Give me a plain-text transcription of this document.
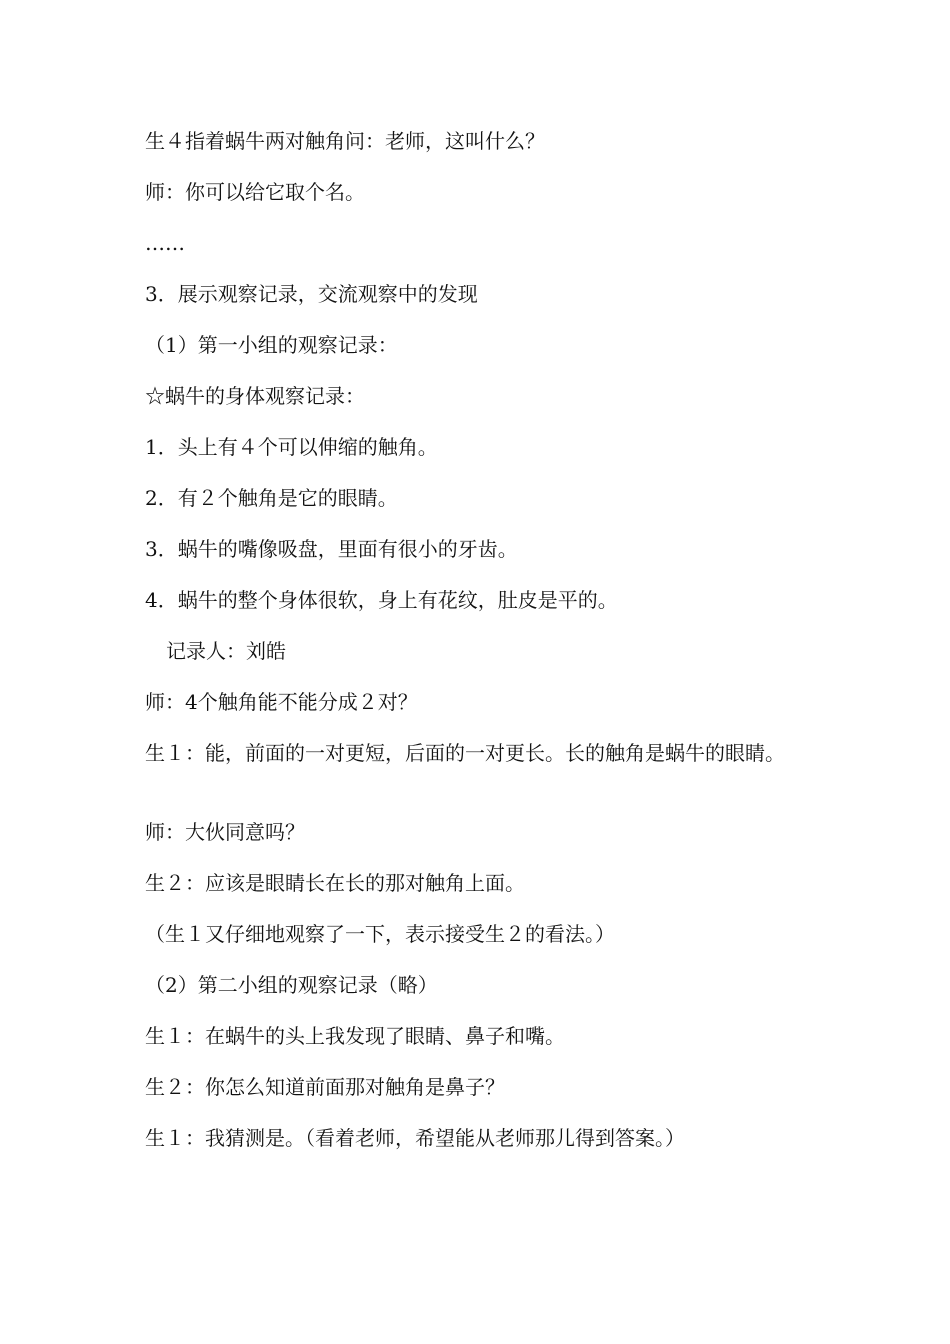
生４指着蜗牛两对触角问：老师，这叫什么？
师：你可以给它取个名。
……
3．展示观察记录，交流观察中的发现
（1）第一小组的观察记录：
☆蜗牛的身体观察记录：
1．头上有４个可以伸缩的触角。
2．有２个触角是它的眼睛。
3．蜗牛的嘴像吸盘，里面有很小的牙齿。
4．蜗牛的整个身体很软，身上有花纹，肚皮是平的。
记录人：刘皓
师：4个触角能不能分成２对？
生１：能，前面的一对更短，后面的一对更长。长的触角是蜗牛的眼睛。
师：大伙同意吗？
生２：应该是眼睛长在长的那对触角上面。
（生１又仔细地观察了一下，表示接受生２的看法。）
（2）第二小组的观察记录（略）
生１：在蜗牛的头上我发现了眼睛、鼻子和嘴。
生２：你怎么知道前面那对触角是鼻子？
生１：我猜测是。（看着老师，希望能从老师那儿得到答案。）
